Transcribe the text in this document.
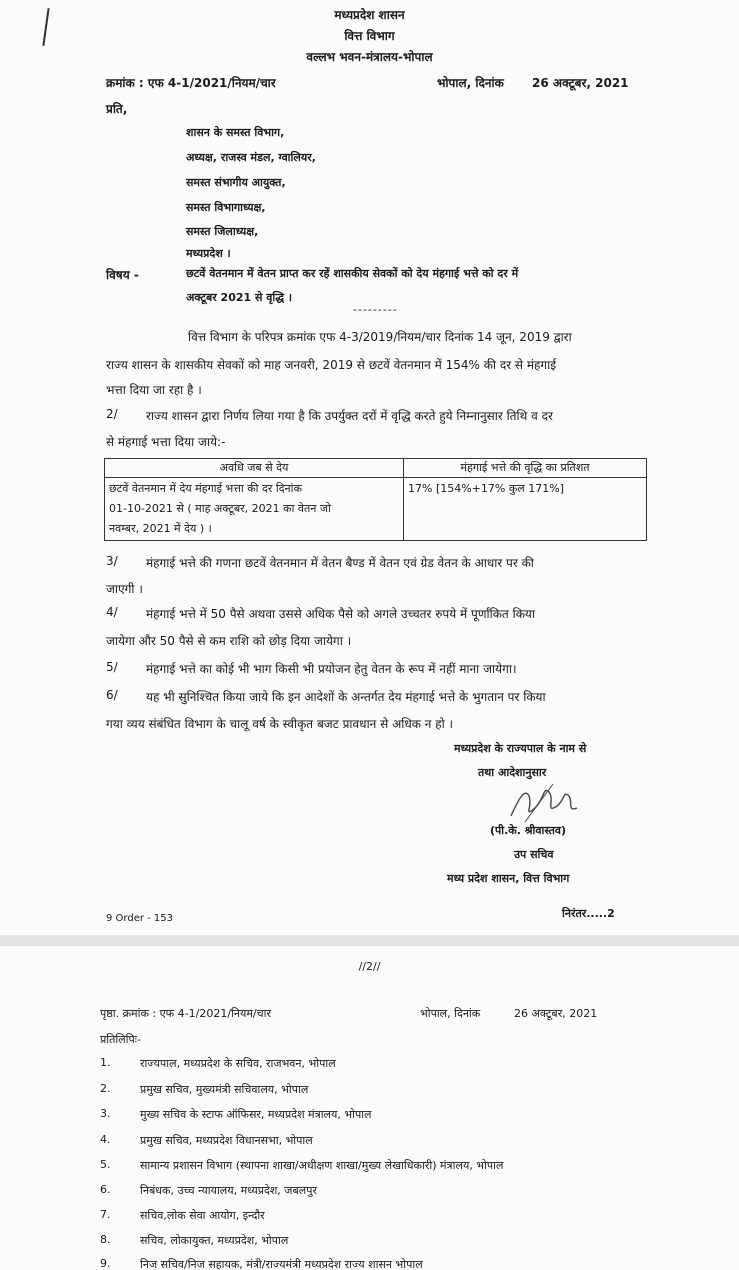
मध्यप्रदेश शासन
वित्त विभाग
वल्लभ भवन-मंत्रालय-भोपाल
क्रमांक : एफ 4-1/2021/नियम/चार	भोपाल, दिनांक 26 अक्टूबर, 2021
प्रति,
शासन के समस्त विभाग,
अध्यक्ष, राजस्व मंडल, ग्वालियर,
समस्त संभागीय आयुक्त,
समस्त विभागाध्यक्ष,
समस्त जिलाध्यक्ष,
मध्यप्रदेश ।
विषय -	छटवें वेतनमान में वेतन प्राप्त कर रहें शासकीय सेवकों को देय मंहगाई भत्ते को दर में
अक्टूबर 2021 से वृद्धि ।
---------
वित्त विभाग के परिपत्र क्रमांक एफ 4-3/2019/नियम/चार दिनांक 14 जून, 2019 द्वारा
राज्य शासन के शासकीय सेवकों को माह जनवरी, 2019 से छटवें वेतनमान में 154% की दर से मंहगाई
भत्ता दिया जा रहा है ।
2/ राज्य शासन द्वारा निर्णय लिया गया है कि उपर्युक्त दरों में वृद्धि करते हुये निम्नानुसार तिथि व दर
से मंहगाई भत्ता दिया जाये:-
अवधि जब से देय	मंहगाई भत्ते की वृद्धि का प्रतिशत

छटवें वेतनमान में देय मंहगाई भत्ता की दर दिनांक
01-10-2021 से ( माह अक्टूबर, 2021 का वेतन जो
नवम्बर, 2021 में देय ) ।	17% [154%+17% कुल 171%]
3/ मंहगाई भत्ते की गणना छटवें वेतनमान में वेतन बैण्ड में वेतन एवं ग्रेड वेतन के आधार पर की
जाएगी ।
4/ मंहगाई भत्ते में 50 पैसे अथवा उससे अधिक पैसे को अगले उच्चतर रुपये में पूर्णांकित किया
जायेगा और 50 पैसे से कम राशि को छोड़ दिया जायेगा ।
5/ मंहगाई भत्ते का कोई भी भाग किसी भी प्रयोजन हेतु वेतन के रूप में नहीं माना जायेगा।
6/ यह भी सुनिश्चित किया जाये कि इन आदेशों के अन्तर्गत देय मंहगाई भत्ते के भुगतान पर किया
गया व्यय संबंधित विभाग के चालू वर्ष के स्वीकृत बजट प्रावधान से अधिक न हो ।
मध्यप्रदेश के राज्यपाल के नाम से
तथा आदेशानुसार
(पी.के. श्रीवास्तव)
उप सचिव
मध्य प्रदेश शासन, वित्त विभाग
9 Order - 153	निरंतर.....2
//2//
पृष्ठा. क्रमांक : एफ 4-1/2021/नियम/चार	भोपाल, दिनांक	26 अक्टूबर, 2021
प्रतिलिपिः-
1.	राज्यपाल, मध्यप्रदेश के सचिव, राजभवन, भोपाल
2.	प्रमुख सचिव, मुख्यमंत्री सचिवालय, भोपाल
3.	मुख्य सचिव के स्टाफ ऑफिसर, मध्यप्रदेश मंत्रालय, भोपाल
4.	प्रमुख सचिव, मध्यप्रदेश विधानसभा, भोपाल
5.	सामान्य प्रशासन विभाग (स्थापना शाखा/अधीक्षण शाखा/मुख्य लेखाधिकारी) मंत्रालय, भोपाल
6.	निबंधक, उच्च न्यायालय, मध्यप्रदेश, जबलपुर
7.	सचिव,लोक सेवा आयोग, इन्दौर
8.	सचिव, लोकायुक्त, मध्यप्रदेश, भोपाल
9.	निज सचिव/निज सहायक, मंत्री/राज्यमंत्री मध्यप्रदेश राज्य शासन भोपाल
